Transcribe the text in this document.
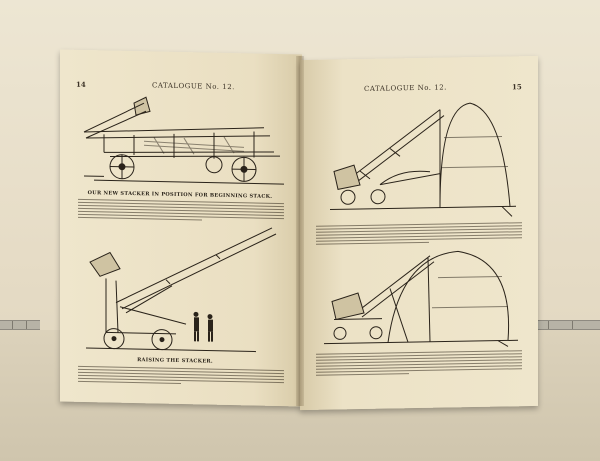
14	CATALOGUE No. 12.
OUR NEW STACKER IN POSITION FOR BEGINNING STACK.
RAISING THE STACKER.
CATALOGUE No. 12.	15
